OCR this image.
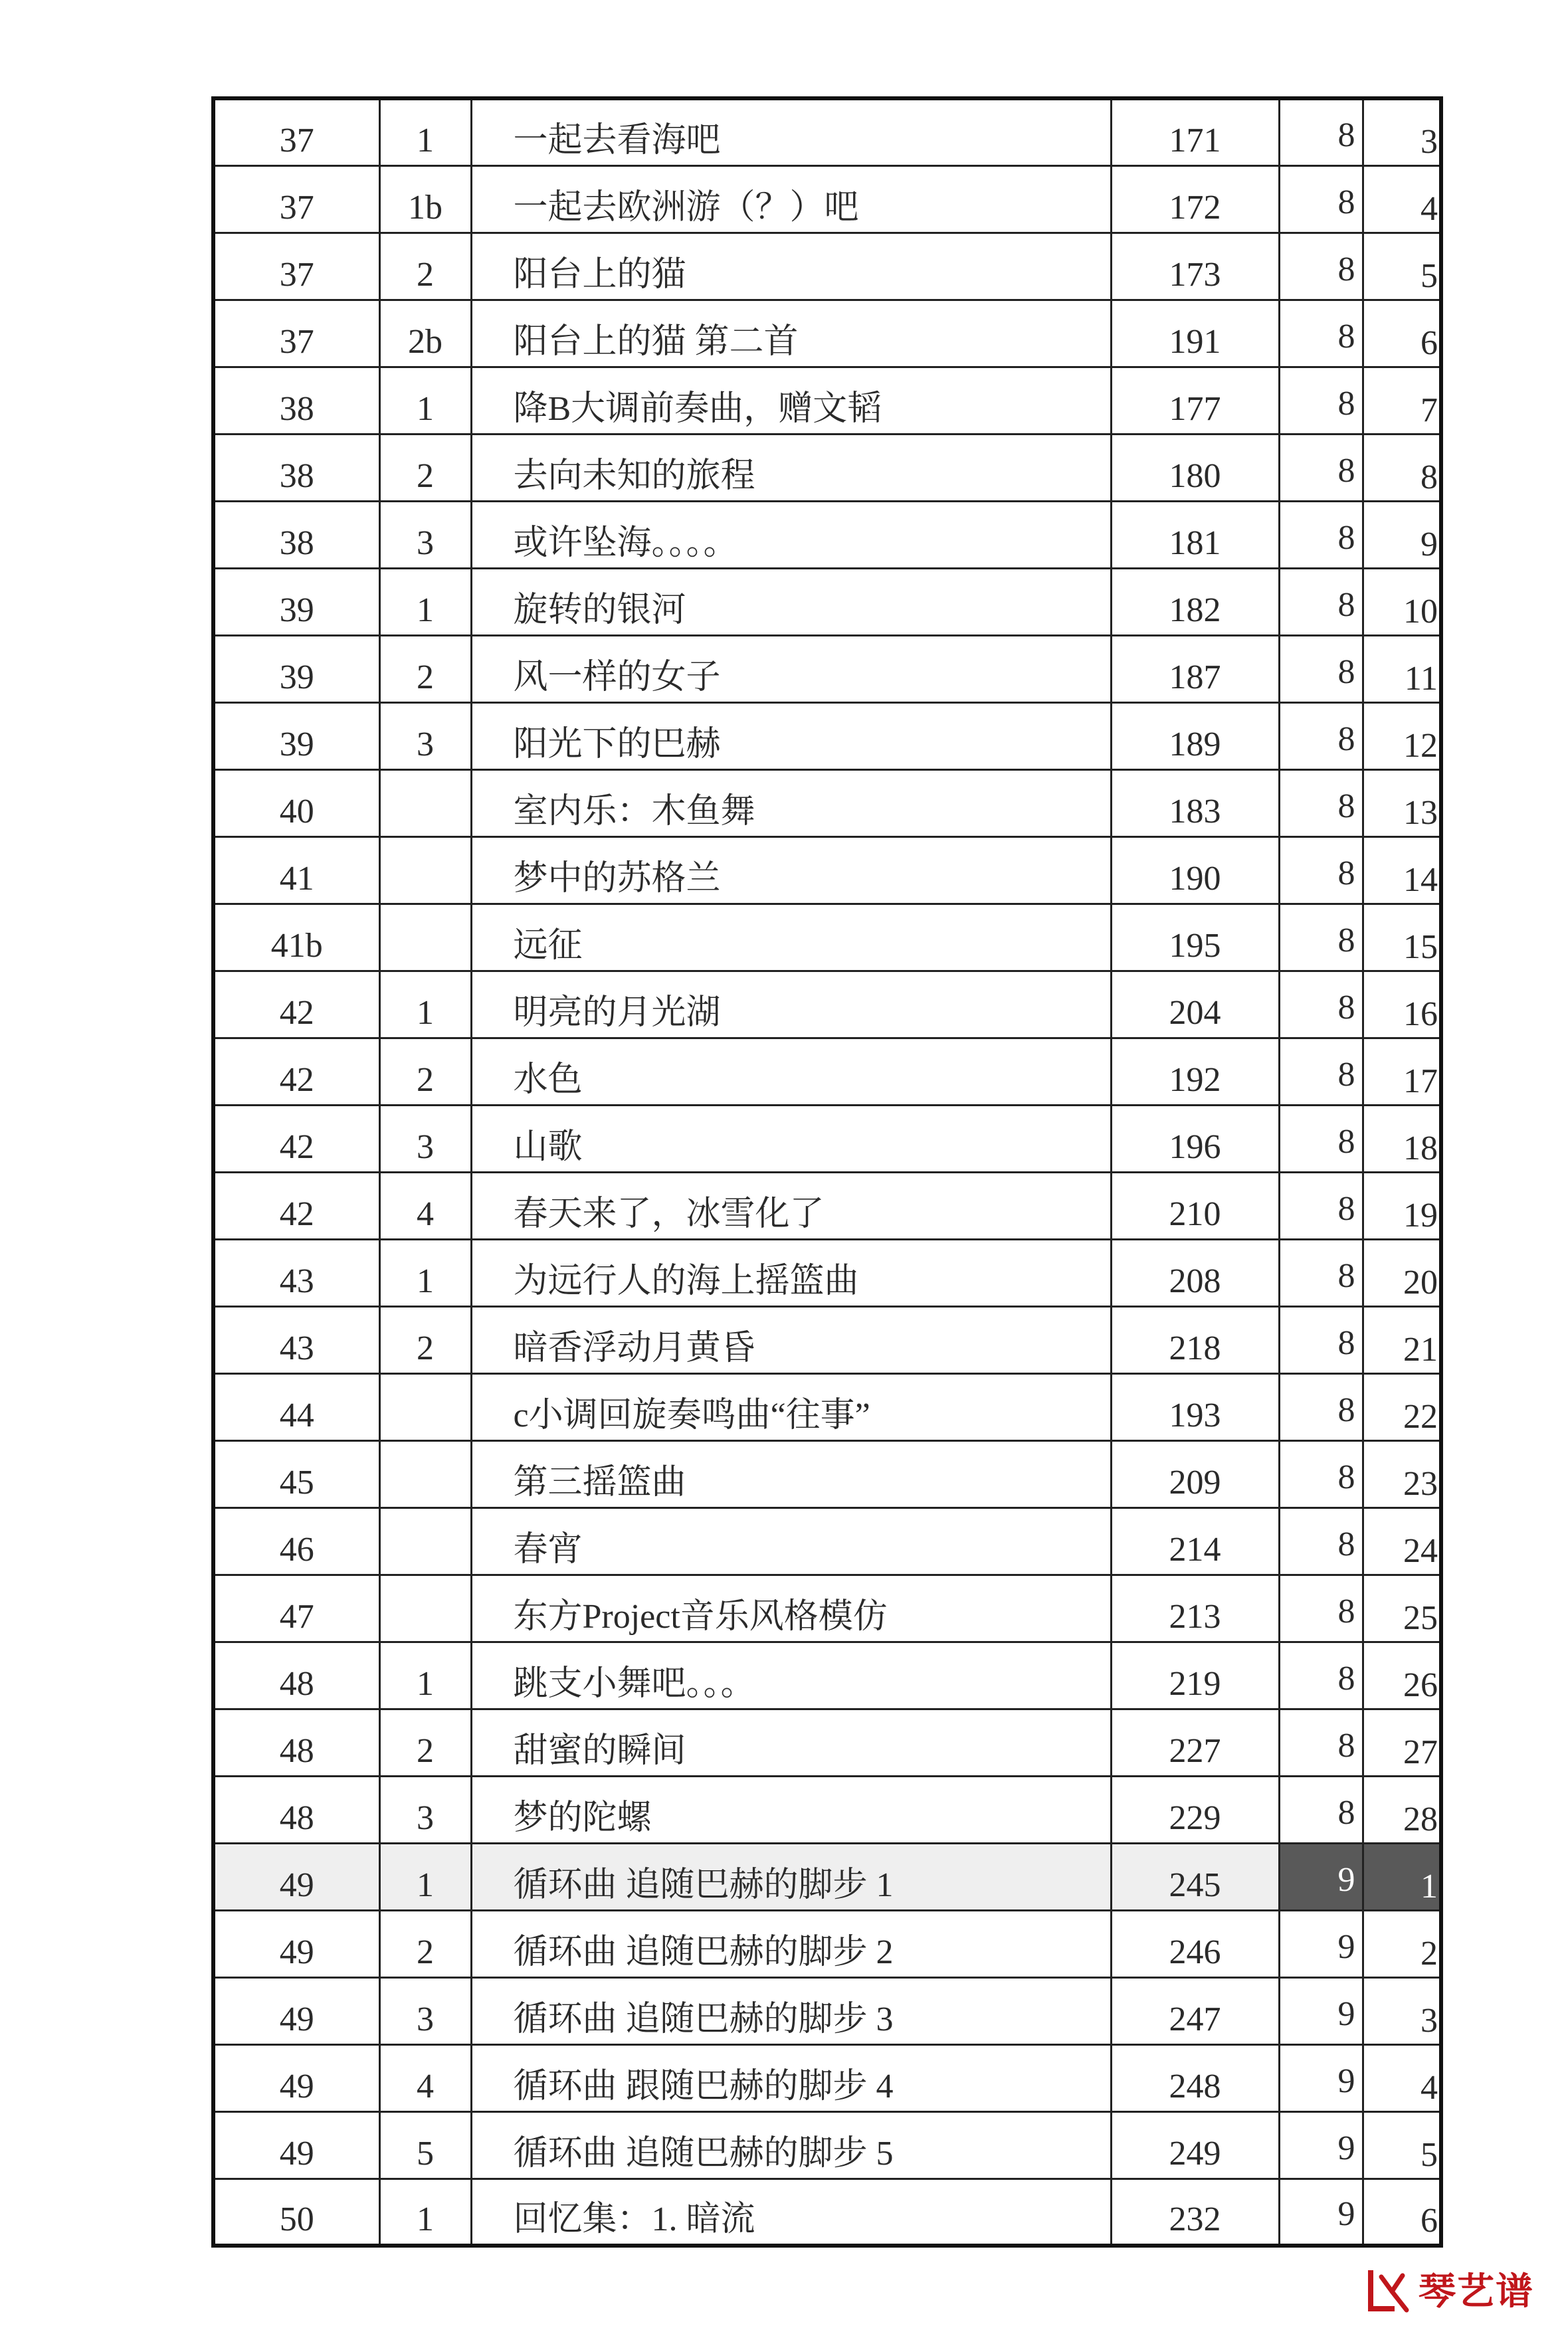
37	1	一起去看海吧	171	8	3
37	1b	一起去欧洲游（？）吧	172	8	4
37	2	阳台上的猫	173	8	5
37	2b	阳台上的猫 第二首	191	8	6
38	1	降B大调前奏曲，赠文韬	177	8	7
38	2	去向未知的旅程	180	8	8
38	3	或许坠海。。。。	181	8	9
39	1	旋转的银河	182	8	10
39	2	风一样的女子	187	8	11
39	3	阳光下的巴赫	189	8	12
40		室内乐：木鱼舞	183	8	13
41		梦中的苏格兰	190	8	14
41b		远征	195	8	15
42	1	明亮的月光湖	204	8	16
42	2	水色	192	8	17
42	3	山歌	196	8	18
42	4	春天来了，冰雪化了	210	8	19
43	1	为远行人的海上摇篮曲	208	8	20
43	2	暗香浮动月黄昏	218	8	21
44		c小调回旋奏鸣曲“往事”	193	8	22
45		第三摇篮曲	209	8	23
46		春宵	214	8	24
47		东方Project音乐风格模仿	213	8	25
48	1	跳支小舞吧。。。	219	8	26
48	2	甜蜜的瞬间	227	8	27
48	3	梦的陀螺	229	8	28
49	1	循环曲 追随巴赫的脚步 1	245	9	1
49	2	循环曲 追随巴赫的脚步 2	246	9	2
49	3	循环曲 追随巴赫的脚步 3	247	9	3
49	4	循环曲 跟随巴赫的脚步 4	248	9	4
49	5	循环曲 追随巴赫的脚步 5	249	9	5
50	1	回忆集：1. 暗流	232	9	6
琴艺谱
